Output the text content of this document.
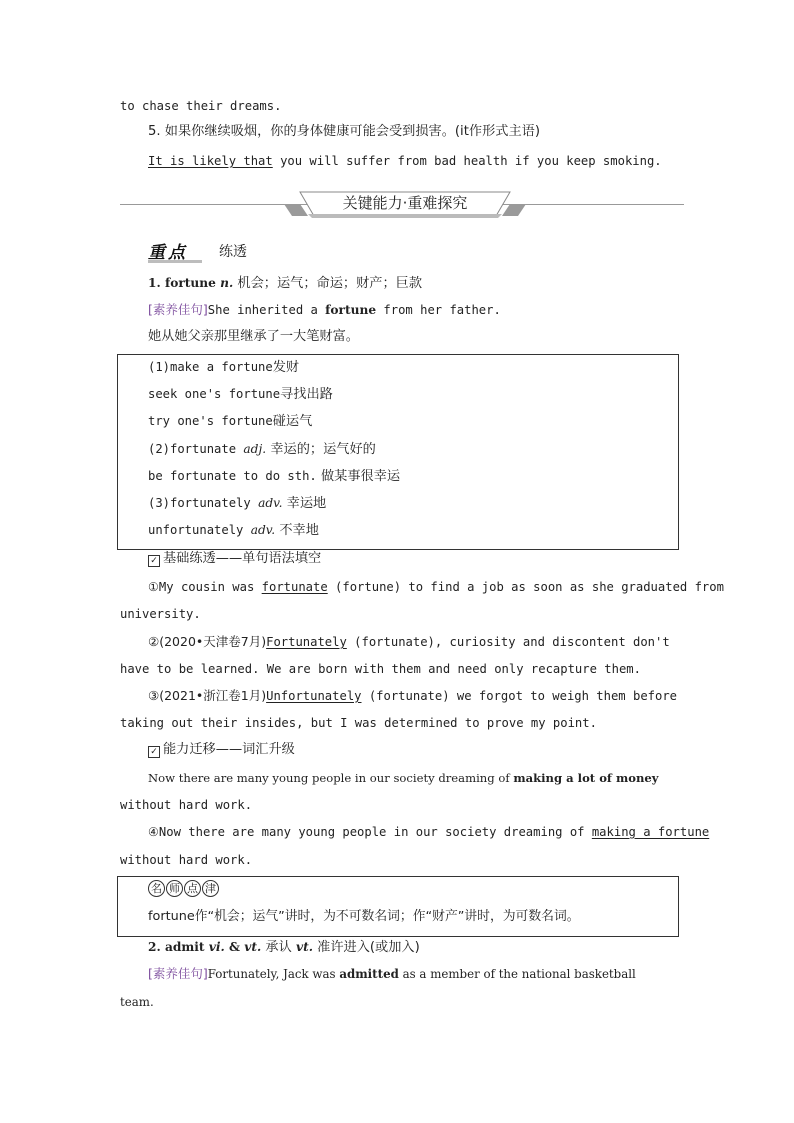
to chase their dreams.
5. 如果你继续吸烟，你的身体健康可能会受到损害。(it作形式主语)
It is likely that you will suffer from bad health if you keep smoking.
关键能力·重难探究
重点	练透
1. fortune n. 机会；运气；命运；财产；巨款
[素养佳句]She inherited a fortune from her father.
她从她父亲那里继承了一大笔财富。
(1)make a fortune发财
seek one's fortune寻找出路
try one's fortune碰运气
(2)fortunate adj. 幸运的；运气好的
be fortunate to do sth. 做某事很幸运
(3)fortunately adv. 幸运地
unfortunately adv. 不幸地
✓ 基础练透——单句语法填空
①My cousin was fortunate (fortune) to find a job as soon as she graduated from
university.
②(2020•天津卷7月)Fortunately (fortunate), curiosity and discontent don't
have to be learned. We are born with them and need only recapture them.
③(2021•浙江卷1月)Unfortunately (fortunate) we forgot to weigh them before
taking out their insides, but I was determined to prove my point.
✓ 能力迁移——词汇升级
Now there are many young people in our society dreaming of making a lot of money
without hard work.
④Now there are many young people in our society dreaming of making a fortune
without hard work.
名 师 点 津
fortune作“机会；运气”讲时，为不可数名词；作“财产”讲时，为可数名词。
2. admit vi. & vt. 承认 vt. 准许进入(或加入)
[素养佳句]Fortunately, Jack was admitted as a member of the national basketball
team.
